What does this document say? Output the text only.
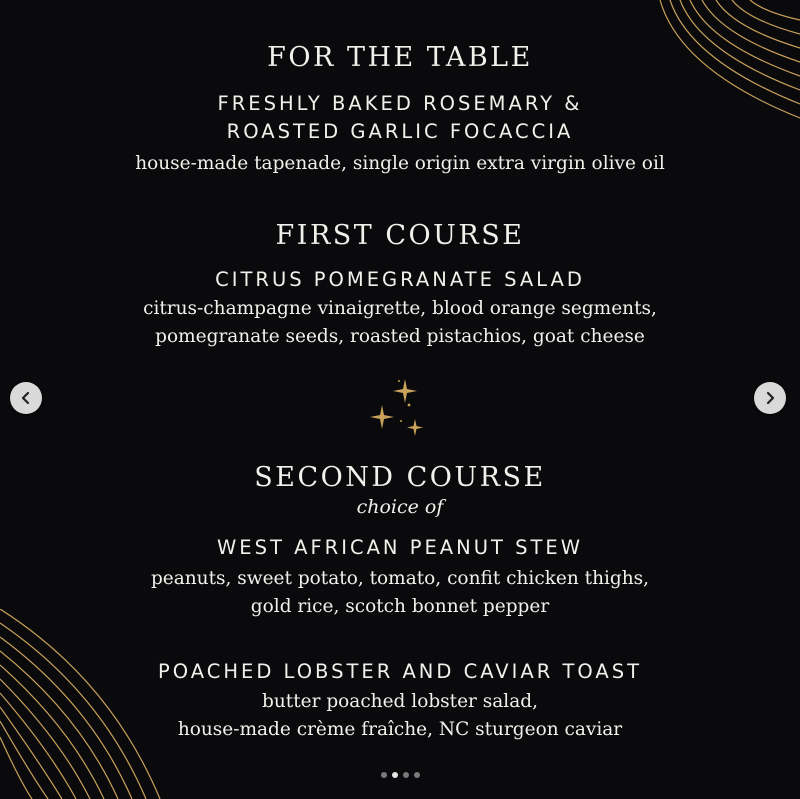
FOR THE TABLE
FRESHLY BAKED ROSEMARY &
ROASTED GARLIC FOCACCIA
house-made tapenade, single origin extra virgin olive oil
FIRST COURSE
CITRUS POMEGRANATE SALAD
citrus-champagne vinaigrette, blood orange segments,
pomegranate seeds, roasted pistachios, goat cheese
SECOND COURSE
choice of
WEST AFRICAN PEANUT STEW
peanuts, sweet potato, tomato, confit chicken thighs,
gold rice, scotch bonnet pepper
POACHED LOBSTER AND CAVIAR TOAST
butter poached lobster salad,
house-made crème fraîche, NC sturgeon caviar
